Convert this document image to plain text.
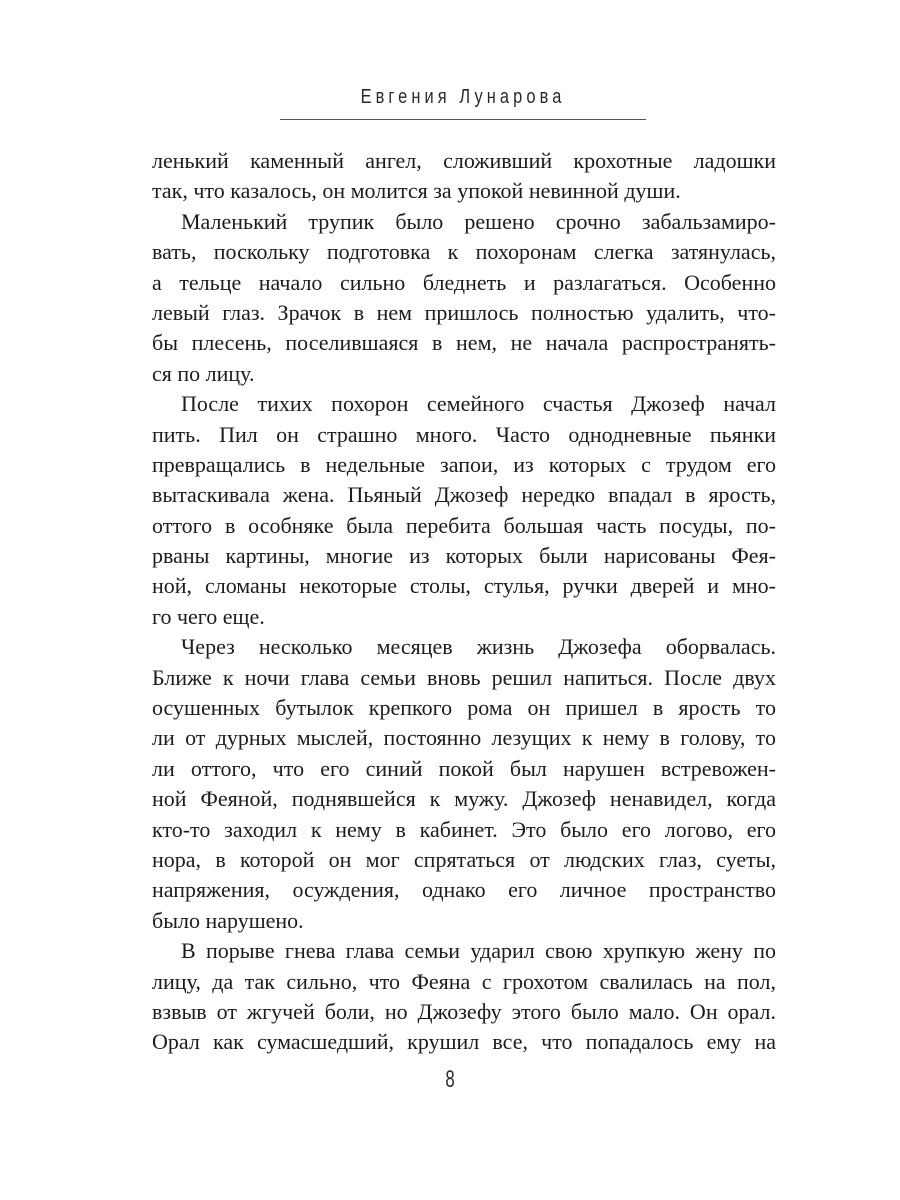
Евгения Лунарова
ленький каменный ангел, сложивший крохотные ладошки
так, что казалось, он молится за упокой невинной души.
Маленький трупик было решено срочно забальзамиро-
вать, поскольку подготовка к похоронам слегка затянулась,
а тельце начало сильно бледнеть и разлагаться. Особенно
левый глаз. Зрачок в нем пришлось полностью удалить, что-
бы плесень, поселившаяся в нем, не начала распространять-
ся по лицу.
После тихих похорон семейного счастья Джозеф начал
пить. Пил он страшно много. Часто однодневные пьянки
превращались в недельные запои, из которых с трудом его
вытаскивала жена. Пьяный Джозеф нередко впадал в ярость,
оттого в особняке была перебита большая часть посуды, по-
рваны картины, многие из которых были нарисованы Фея-
ной, сломаны некоторые столы, стулья, ручки дверей и мно-
го чего еще.
Через несколько месяцев жизнь Джозефа оборвалась.
Ближе к ночи глава семьи вновь решил напиться. После двух
осушенных бутылок крепкого рома он пришел в ярость то
ли от дурных мыслей, постоянно лезущих к нему в голову, то
ли оттого, что его синий покой был нарушен встревожен-
ной Феяной, поднявшейся к мужу. Джозеф ненавидел, когда
кто-то заходил к нему в кабинет. Это было его логово, его
нора, в которой он мог спрятаться от людских глаз, суеты,
напряжения, осуждения, однако его личное пространство
было нарушено.
В порыве гнева глава семьи ударил свою хрупкую жену по
лицу, да так сильно, что Феяна с грохотом свалилась на пол,
взвыв от жгучей боли, но Джозефу этого было мало. Он орал.
Орал как сумасшедший, крушил все, что попадалось ему на
8
